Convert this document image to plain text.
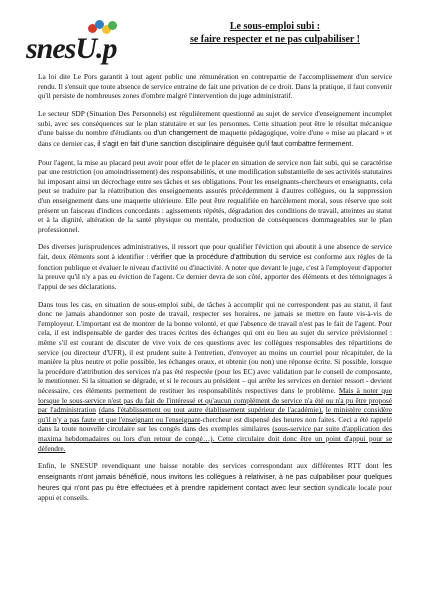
snesU.p
Le sous-emploi subi :
se faire respecter et ne pas culpabiliser !

La loi dite Le Pors garantit à tout agent public une rémunération en contrepartie de l'accomplissement d'un service rendu. Il s'ensuit que toute absence de service entraine de fait une privation de ce droit. Dans la pratique, il faut convenir qu'il persiste de nombreuses zones d'ombre malgré l'intervention du juge administratif.

Le secteur SDP (Situation Des Personnels) est régulièrement questionné au sujet de service d'enseignement incomplet subi, avec ses conséquences sur le plan statutaire et sur les personnes. Cette situation peut être le résultat mécanique d'une baisse du nombre d'étudiants ou d'un changement de maquette pédagogique, voire d'une « mise au placard » et dans ce dernier cas, il s'agit en fait d'une sanction disciplinaire déguisée qu'il faut combattre fermement.

Pour l'agent, la mise au placard peut avoir pour effet de le placer en situation de service non fait subi, qui se caractérise par une restriction (ou amoindrissement) des responsabilités, et une modification substantielle de ses activités statutaires lui imposant ainsi un décrochage entre ses tâches et ses obligations. Pour les enseignants-chercheurs et enseignants, cela peut se traduire par la réattribution des enseignements assurés précédemment à d'autres collègues, ou la suppression d'un enseignement dans une maquette ultérieure. Elle peut être requalifiée en harcèlement moral, sous réserve que soit présent un faisceau d'indices concordants : agissements répétés, dégradation des conditions de travail, atteintes au statut et à la dignité, altération de la santé physique ou mentale, production de conséquences dommageables sur le plan professionnel.

Des diverses jurisprudences administratives, il ressort que pour qualifier l'éviction qui aboutit à une absence de service fait, deux éléments sont à identifier : vérifier que la procédure d'attribution du service est conforme aux règles de la fonction publique et évaluer le niveau d'activité ou d'inactivité. A noter que devant le juge, c'est à l'employeur d'apporter la preuve qu'il n'y a pas eu éviction de l'agent. Ce dernier devra de son côté, apporter des éléments et des témoignages à l'appui de ses déclarations.

Dans tous les cas, en situation de sous-emploi subi, de tâches à accomplir qui ne correspondent pas au statut, il faut donc ne jamais abandonner son poste de travail, respecter ses horaires, ne jamais se mettre en faute vis-à-vis de l'employeur. L'important est de montrer de la bonne volonté, et que l'absence de travail n'est pas le fait de l'agent. Pour cela, il est indispensable de garder des traces écrites des échanges qui ont eu lieu au sujet du service prévisionnel : même s'il est courant de discuter de vive voix de ces questions avec les collègues responsables des répartitions de service (ou directeur d'UFR), il est prudent suite à l'entretien, d'envoyer au moins un courriel pour récapituler, de la manière la plus neutre et polie possible, les échanges oraux, et obtenir (ou non) une réponse écrite. Si possible, lorsque la procédure d'attribution des services n'a pas été respectée (pour les EC) avec validation par le conseil de composante, le mentionner. Si la situation se dégrade, et si le recours au président – qui arrête les services en dernier ressort - devient nécessaire, ces éléments permettent de restituer les responsabilités respectives dans le problème. Mais à noter que lorsque le sous-service n'est pas du fait de l'intéressé et qu'aucun complément de service n'a été ou n'a pu être proposé par l'administration (dans l'établissement ou tout autre établissement supérieur de l'académie), le ministère considère qu'il n'y a pas faute et que l'enseignant ou l'enseignant-chercheur est dispensé des heures non faites. Ceci a été rappelé dans la toute nouvelle circulaire sur les congés dans des exemples similaires (sous-service par suite d'application des maxima hebdomadaires ou lors d'un retour de congé…). Cette circulaire doit donc être un point d'appui pour se défendre.

Enfin, le SNESUP revendiquant une baisse notable des services correspondant aux différentes RTT dont les enseignants n'ont jamais bénéficié, nous invitons les collègues à relativiser, à ne pas culpabiliser pour quelques heures qui n'ont pas pu être effectuées et à prendre rapidement contact avec leur section syndicale locale pour appui et conseils.
